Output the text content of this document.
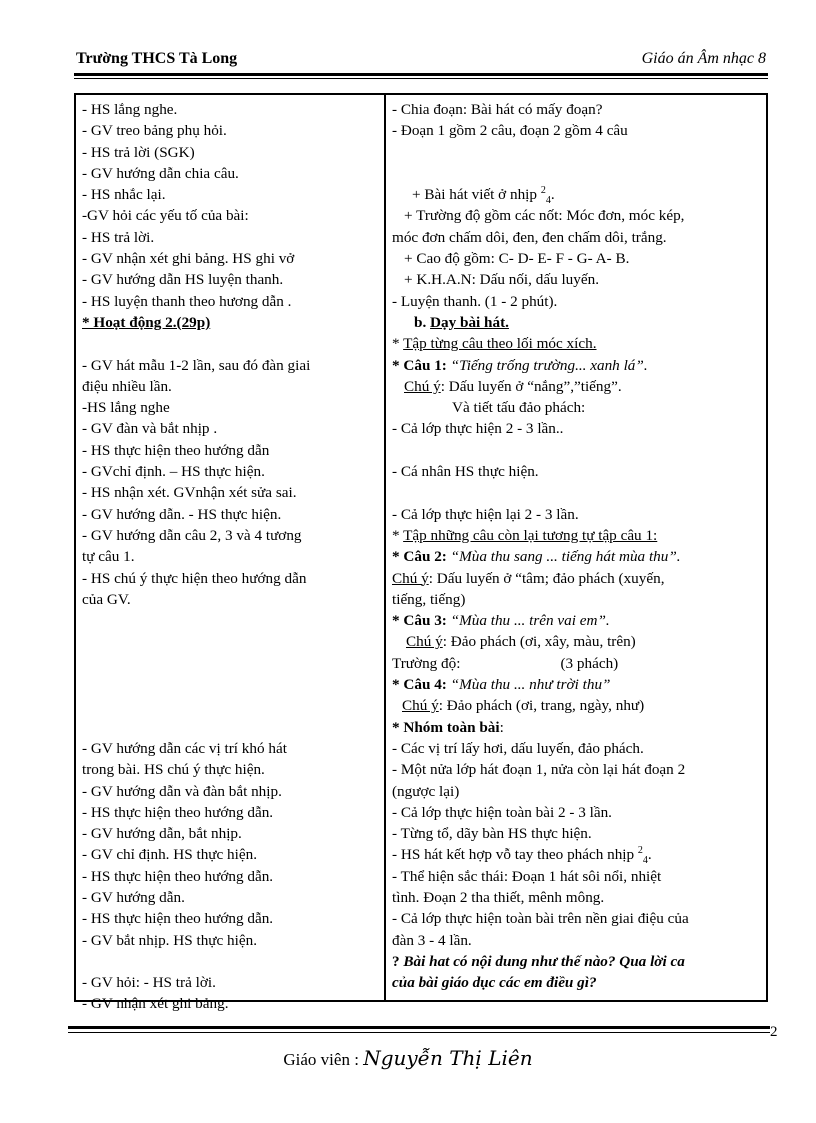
Trường THCS Tà Long	Giáo án Âm nhạc 8
- HS lắng nghe.
- GV treo bảng phụ hỏi.
- HS trả lời (SGK)
- GV hướng dẫn chia câu.
- HS nhắc lại.
-GV hỏi các yếu tố của bài:
- HS trả lời.
- GV nhận xét ghi bảng. HS ghi vở
- GV hướng dẫn HS luyện thanh.
- HS luyện thanh theo hương dẫn .
* Hoạt động 2.(29p)
- GV hát mẫu 1-2 lần, sau đó đàn giai
điệu nhiều lần.
-HS lắng nghe
- GV đàn và bắt nhịp .
- HS thực hiện theo hướng dẫn
- GVchỉ định. – HS thực hiện.
- HS nhận xét. GVnhận xét sửa sai.
- GV hướng dẫn. - HS thực hiện.
- GV hướng dẫn câu 2, 3 và 4 tương
tự câu 1.
- HS chú ý thực hiện theo hướng dẫn
của GV.
- GV hướng dẫn các vị trí khó hát
trong bài. HS chú ý thực hiện.
- GV hướng dẫn và đàn bắt nhịp.
- HS thực hiện theo hướng dẫn.
- GV hướng dẫn, bắt nhịp.
- GV chỉ định. HS thực hiện.
- HS thực hiện theo hướng dẫn.
- GV hướng dẫn.
- HS thực hiện theo hướng dẫn.
- GV bắt nhịp. HS thực hiện.
- GV hỏi: - HS trả lời.
- GV nhận xét ghi bảng.
- Chia đoạn: Bài hát có mấy đoạn?
- Đoạn 1 gồm 2 câu, đoạn 2 gồm 4 câu
+ Bài hát viết ở nhịp $^2_4$.
+ Trường độ gồm các nốt: Móc đơn, móc kép,
móc đơn chấm dôi, đen, đen chấm dôi, trắng.
+ Cao độ gồm: C- D- E- F - G- A- B.
+ K.H.A.N: Dấu nối, dấu luyến.
- Luyện thanh. (1 - 2 phút).
b. Dạy bài hát.
* Tập từng câu theo lối móc xích.
* Câu 1: “Tiếng trống trường... xanh lá”.
Chú ý: Dấu luyến ở “nắng”,”tiếng”.
Và tiết tấu đảo phách:
- Cả lớp thực hiện 2 - 3 lần..
- Cá nhân HS thực hiện.
- Cả lớp thực hiện lại 2 - 3 lần.
* Tập những câu còn lại tương tự tập câu 1:
* Câu 2: “Mùa thu sang ... tiếng hát mùa thu”.
Chú ý: Dấu luyến ở “tâm; đảo phách (xuyến,
tiếng, tiếng)
* Câu 3: “Mùa thu ... trên vai em”.
Chú ý: Đảo phách (ơi, xây, màu, trên)
Trường độ:	(3 phách)
* Câu 4: “Mùa thu ... như trời thu”
Chú ý: Đảo phách (ơi, trang, ngày, như)
* Nhóm toàn bài:
- Các vị trí lấy hơi, dấu luyến, đảo phách.
- Một nửa lớp hát đoạn 1, nửa còn lại hát đoạn 2
(ngược lại)
- Cả lớp thực hiện toàn bài 2 - 3 lần.
- Từng tổ, dãy bàn HS thực hiện.
- HS hát kết hợp vỗ tay theo phách nhịp $^2_4$.
- Thể hiện sắc thái: Đoạn 1 hát sôi nổi, nhiệt
tình. Đoạn 2 tha thiết, mênh mông.
- Cả lớp thực hiện toàn bài trên nền giai điệu của
đàn 3 - 4 lần.
? Bài hat có nội dung như thế nào? Qua lời ca
của bài giáo dục các em điều gì?
2
Giáo viên : Nguyễn Thị Liên
